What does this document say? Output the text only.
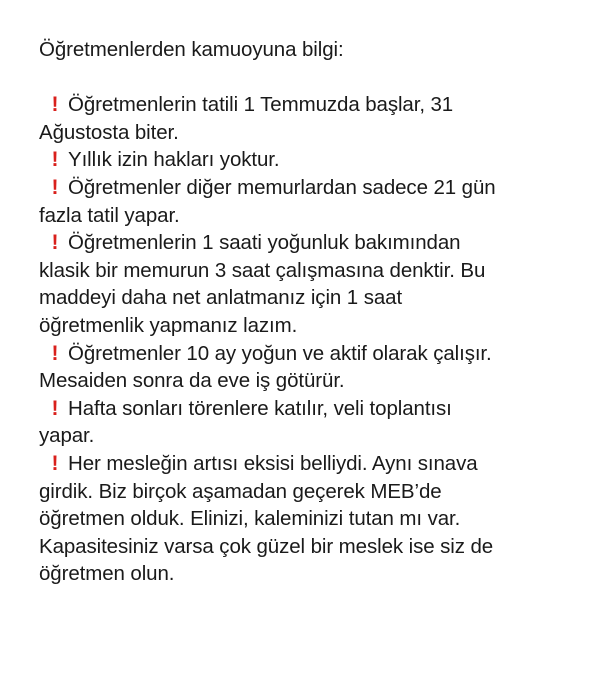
Öğretmenlerden kamuoyuna bilgi:
! Öğretmenlerin tatili 1 Temmuzda başlar, 31
Ağustosta biter.
! Yıllık izin hakları yoktur.
! Öğretmenler diğer memurlardan sadece 21 gün
fazla tatil yapar.
! Öğretmenlerin 1 saati yoğunluk bakımından
klasik bir memurun 3 saat çalışmasına denktir. Bu
maddeyi daha net anlatmanız için 1 saat
öğretmenlik yapmanız lazım.
! Öğretmenler 10 ay yoğun ve aktif olarak çalışır.
Mesaiden sonra da eve iş götürür.
! Hafta sonları törenlere katılır, veli toplantısı
yapar.
! Her mesleğin artısı eksisi belliydi. Aynı sınava
girdik. Biz birçok aşamadan geçerek MEB’de
öğretmen olduk. Elinizi, kaleminizi tutan mı var.
Kapasitesiniz varsa çok güzel bir meslek ise siz de
öğretmen olun.
